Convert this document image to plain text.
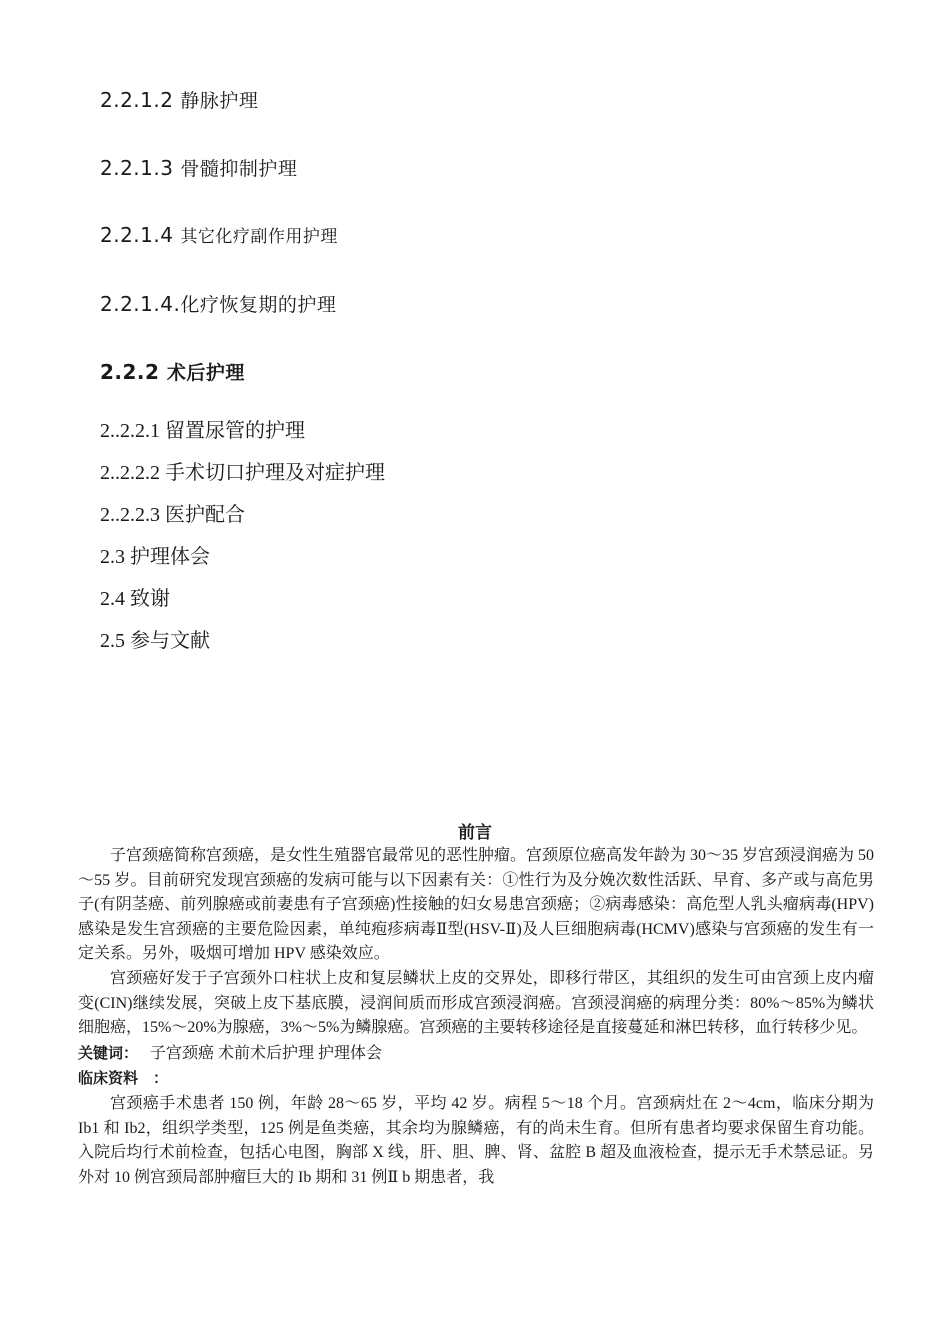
2.2.1.2 静脉护理
2.2.1.3 骨髓抑制护理
2.2.1.4 其它化疗副作用护理
2.2.1.4.化疗恢复期的护理
2.2.2 术后护理
2..2.2.1 留置尿管的护理
2..2.2.2 手术切口护理及对症护理
2..2.2.3 医护配合
2.3 护理体会
2.4 致谢
2.5 参与文献
前言

子宫颈癌简称宫颈癌，是女性生殖器官最常见的恶性肿瘤。宫颈原位癌高发年龄为 30～35 岁宫颈浸润癌为 50～55 岁。目前研究发现宫颈癌的发病可能与以下因素有关：①性行为及分娩次数性活跃、早育、多产或与高危男子(有阴茎癌、前列腺癌或前妻患有子宫颈癌)性接触的妇女易患宫颈癌；②病毒感染：高危型人乳头瘤病毒(HPV)感染是发生宫颈癌的主要危险因素，单纯疱疹病毒Ⅱ型(HSV-Ⅱ)及人巨细胞病毒(HCMV)感染与宫颈癌的发生有一定关系。另外，吸烟可增加 HPV 感染效应。

宫颈癌好发于子宫颈外口柱状上皮和复层鳞状上皮的交界处，即移行带区，其组织的发生可由宫颈上皮内瘤变(CIN)继续发展，突破上皮下基底膜，浸润间质而形成宫颈浸润癌。宫颈浸润癌的病理分类：80%～85%为鳞状细胞癌，15%～20%为腺癌，3%～5%为鳞腺癌。宫颈癌的主要转移途径是直接蔓延和淋巴转移，血行转移少见。

关键词： 子宫颈癌 术前术后护理 护理体会

临床资料　：

宫颈癌手术患者 150 例，年龄 28～65 岁，平均 42 岁。病程 5～18 个月。宫颈病灶在 2～4cm，临床分期为 Ib1 和 Ib2，组织学类型，125 例是鱼类癌，其余均为腺鳞癌，有的尚未生育。但所有患者均要求保留生育功能。入院后均行术前检查，包括心电图，胸部 X 线，肝、胆、脾、肾、盆腔 B 超及血液检查，提示无手术禁忌证。另外对 10 例宫颈局部肿瘤巨大的 Ib 期和 31 例Ⅱ b 期患者，我
